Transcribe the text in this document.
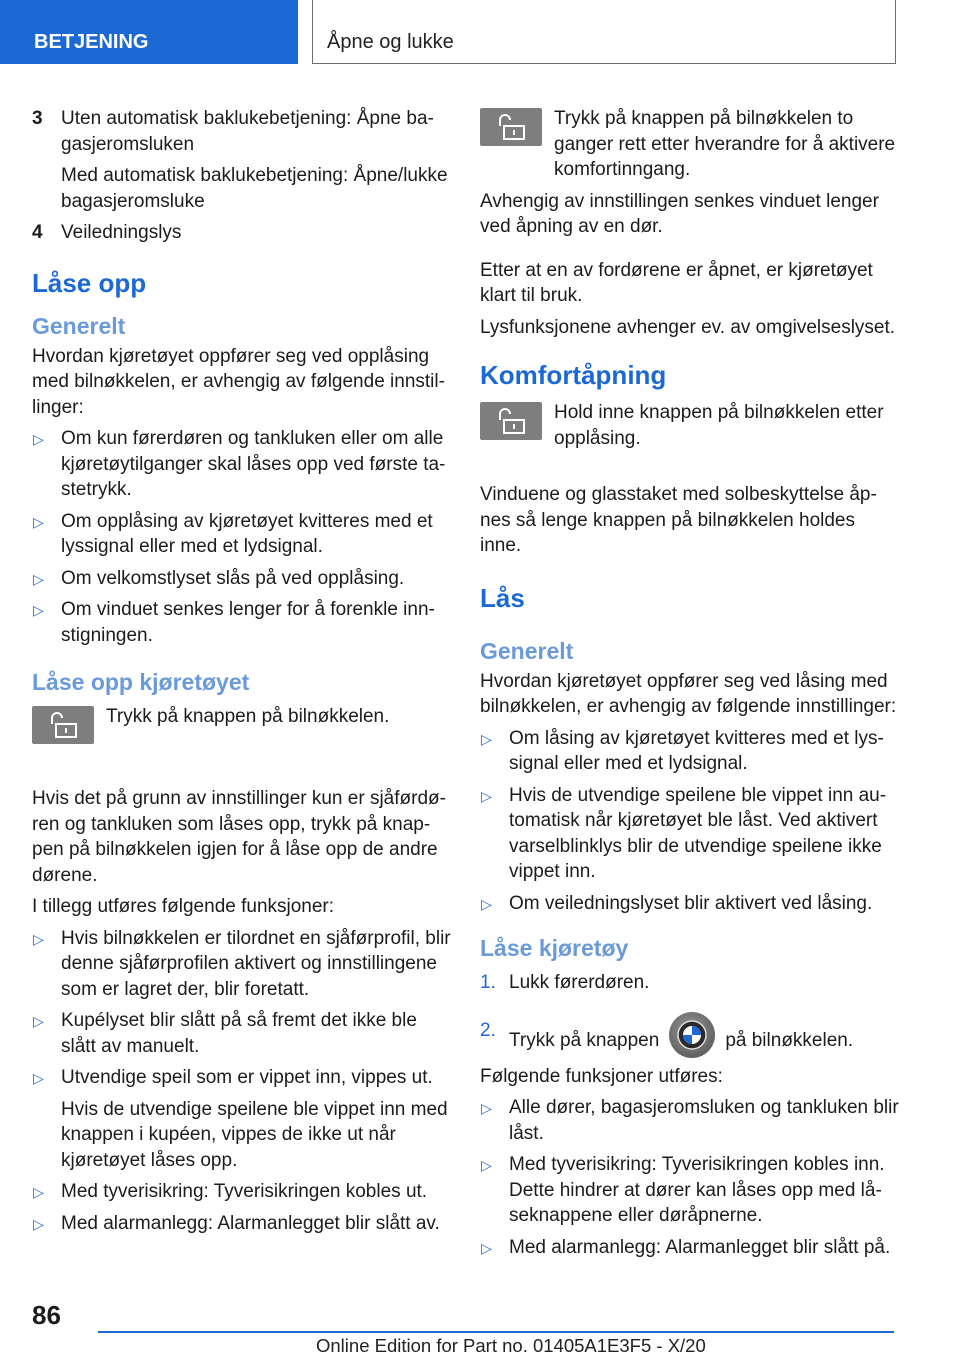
BETJENING	Åpne og lukke
3 Uten automatisk baklukebetjening: Åpne ba-gasjeromsluken
Med automatisk baklukebetjening: Åpne/lukke bagasjeromsluke
4 Veiledningslys
Låse opp
Generelt

Hvordan kjøretøyet oppfører seg ved opplåsing med bilnøkkelen, er avhengig av følgende innstil-linger:

▷ Om kun førerdøren og tankluken eller om alle kjøretøytilganger skal låses opp ved første ta-stetrykk.
▷ Om opplåsing av kjøretøyet kvitteres med et lyssignal eller med et lydsignal.
▷ Om velkomstlyset slås på ved opplåsing.
▷ Om vinduet senkes lenger for å forenkle inn-stigningen.
Låse opp kjøretøyet
Trykk på knappen på bilnøkkelen.

Hvis det på grunn av innstillinger kun er sjåførdø-ren og tankluken som låses opp, trykk på knap-pen på bilnøkkelen igjen for å låse opp de andre dørene.

I tillegg utføres følgende funksjoner:

▷ Hvis bilnøkkelen er tilordnet en sjåførprofil, blir denne sjåførprofilen aktivert og innstillingene som er lagret der, blir foretatt.
▷ Kupélyset blir slått på så fremt det ikke ble slått av manuelt.
▷ Utvendige speil som er vippet inn, vippes ut.

Hvis de utvendige speilene ble vippet inn med knappen i kupéen, vippes de ikke ut når kjøretøyet låses opp.

▷ Med tyverisikring: Tyverisikringen kobles ut.
▷ Med alarmanlegg: Alarmanlegget blir slått av.
Trykk på knappen på bilnøkkelen to ganger rett etter hverandre for å aktivere komfortinngang.

Avhengig av innstillingen senkes vinduet lenger ved åpning av en dør.

Etter at en av fordørene er åpnet, er kjøretøyet klart til bruk.

Lysfunksjonene avhenger ev. av omgivelseslyset.

Komfortåpning
Hold inne knappen på bilnøkkelen etter opplåsing.

Vinduene og glasstaket med solbeskyttelse åp-nes så lenge knappen på bilnøkkelen holdes inne.

Lås
Generelt

Hvordan kjøretøyet oppfører seg ved låsing med bilnøkkelen, er avhengig av følgende innstillinger:

▷ Om låsing av kjøretøyet kvitteres med et lys-signal eller med et lydsignal.
▷ Hvis de utvendige speilene ble vippet inn au-tomatisk når kjøretøyet ble låst. Ved aktivert varselblinklys blir de utvendige speilene ikke vippet inn.
▷ Om veiledningslyset blir aktivert ved låsing.
Låse kjøretøy
1. Lukk førerdøren.
2. Trykk på knappen	på bilnøkkelen.

Følgende funksjoner utføres:

▷ Alle dører, bagasjeromsluken og tankluken blir låst.
▷ Med tyverisikring: Tyverisikringen kobles inn. Dette hindrer at dører kan låses opp med lå-seknappene eller døråpnerne.
▷ Med alarmanlegg: Alarmanlegget blir slått på.
86
Online Edition for Part no. 01405A1E3F5 - X/20
